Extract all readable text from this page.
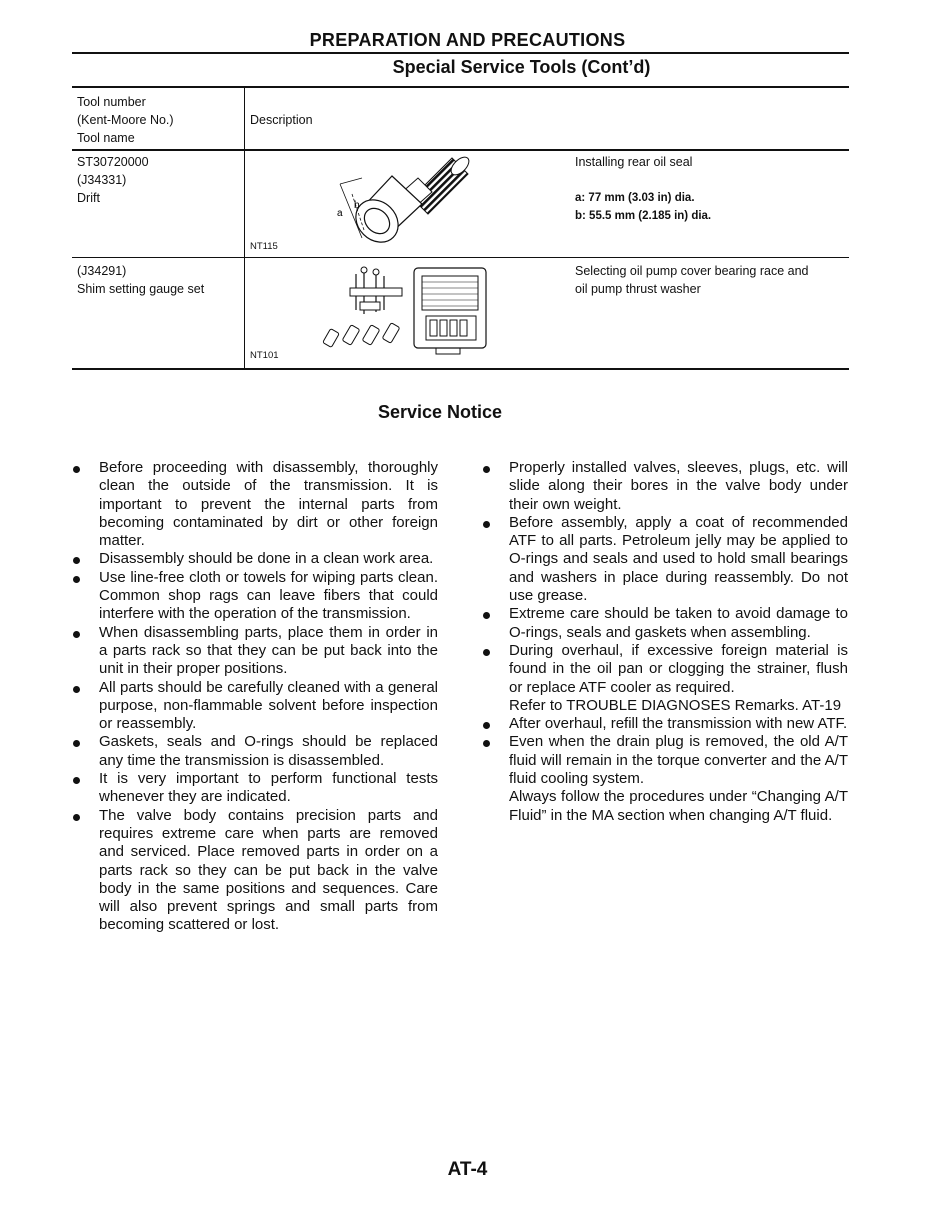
PREPARATION AND PRECAUTIONS
Special Service Tools (Cont’d)
Tool number
(Kent-Moore No.)
Tool name
Description
ST30720000
(J34331)
Drift
a
b
NT115
Installing rear oil seal
a: 77 mm (3.03 in) dia.
b: 55.5 mm (2.185 in) dia.
(J34291)
Shim setting gauge set
NT101
Selecting oil pump cover bearing race and
oil pump thrust washer
Service Notice
Before proceeding with disassembly, thoroughly clean the outside of the transmission. It is important to prevent the internal parts from becoming contaminated by dirt or other foreign matter.
Disassembly should be done in a clean work area.
Use line-free cloth or towels for wiping parts clean. Common shop rags can leave fibers that could interfere with the operation of the transmission.
When disassembling parts, place them in order in a parts rack so that they can be put back into the unit in their proper positions.
All parts should be carefully cleaned with a general purpose, non-flammable solvent before inspection or reassembly.
Gaskets, seals and O-rings should be replaced any time the transmission is disassembled.
It is very important to perform functional tests whenever they are indicated.
The valve body contains precision parts and requires extreme care when parts are removed and serviced. Place removed parts in order on a parts rack so they can be put back in the valve body in the same positions and sequences. Care will also prevent springs and small parts from becoming scattered or lost.
Properly installed valves, sleeves, plugs, etc. will slide along their bores in the valve body under their own weight.
Before assembly, apply a coat of recommended ATF to all parts. Petroleum jelly may be applied to O-rings and seals and used to hold small bearings and washers in place during reassembly. Do not use grease.
Extreme care should be taken to avoid damage to O-rings, seals and gaskets when assembling.
During overhaul, if excessive foreign material is found in the oil pan or clogging the strainer, flush or replace ATF cooler as required.
Refer to TROUBLE DIAGNOSES Remarks. AT-19
After overhaul, refill the transmission with new ATF.
Even when the drain plug is removed, the old A/T fluid will remain in the torque converter and the A/T fluid cooling system.
Always follow the procedures under “Changing A/T Fluid” in the MA section when changing A/T fluid.
AT-4
